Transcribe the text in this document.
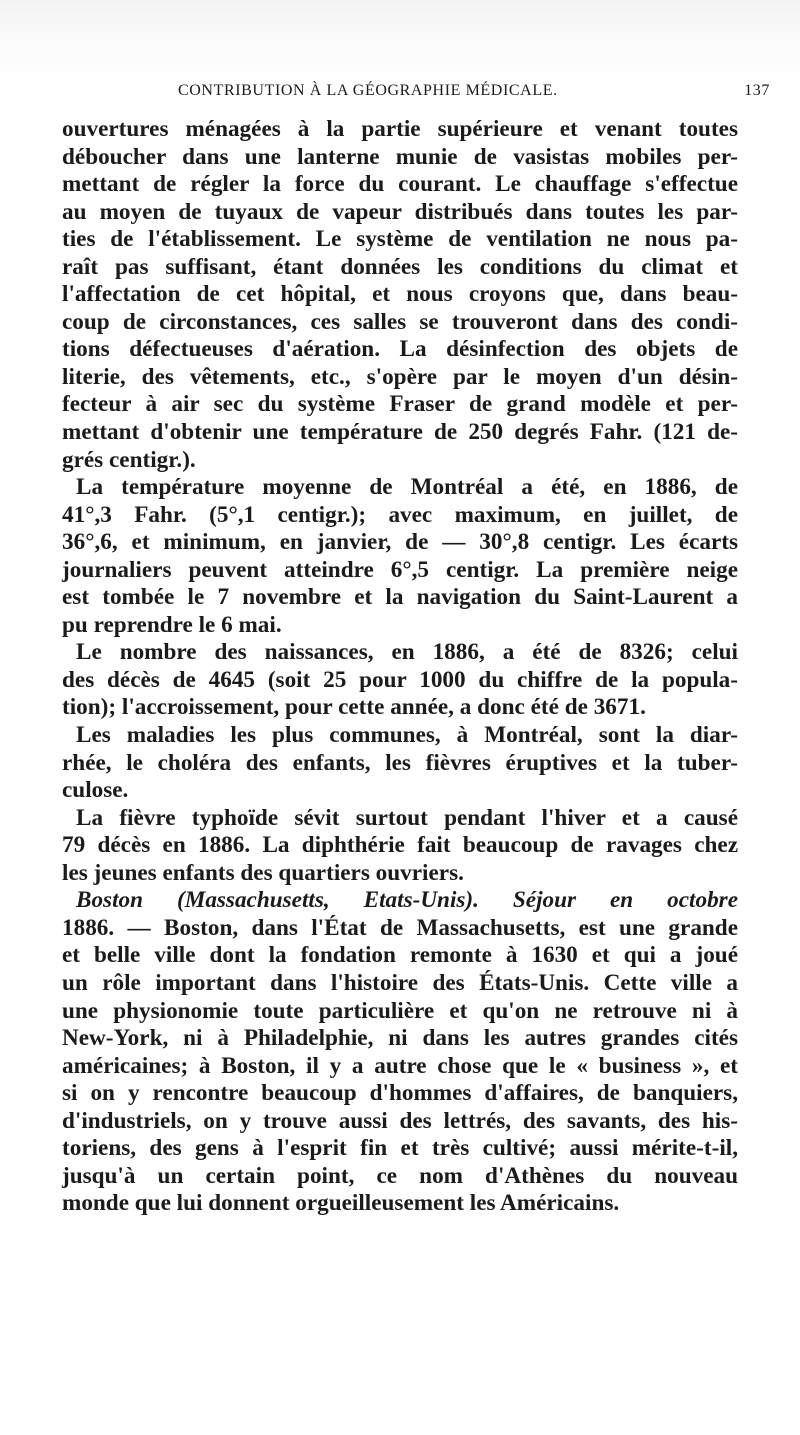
CONTRIBUTION À LA GÉOGRAPHIE MÉDICALE.	137
ouvertures ménagées à la partie supérieure et venant toutes
déboucher dans une lanterne munie de vasistas mobiles per-
mettant de régler la force du courant. Le chauffage s'effectue
au moyen de tuyaux de vapeur distribués dans toutes les par-
ties de l'établissement. Le système de ventilation ne nous pa-
raît pas suffisant, étant données les conditions du climat et
l'affectation de cet hôpital, et nous croyons que, dans beau-
coup de circonstances, ces salles se trouveront dans des condi-
tions défectueuses d'aération. La désinfection des objets de
literie, des vêtements, etc., s'opère par le moyen d'un désin-
fecteur à air sec du système Fraser de grand modèle et per-
mettant d'obtenir une température de 250 degrés Fahr. (121 de-
grés centigr.).
La température moyenne de Montréal a été, en 1886, de
41°,3 Fahr. (5°,1 centigr.); avec maximum, en juillet, de
36°,6, et minimum, en janvier, de — 30°,8 centigr. Les écarts
journaliers peuvent atteindre 6°,5 centigr. La première neige
est tombée le 7 novembre et la navigation du Saint-Laurent a
pu reprendre le 6 mai.
Le nombre des naissances, en 1886, a été de 8326; celui
des décès de 4645 (soit 25 pour 1000 du chiffre de la popula-
tion); l'accroissement, pour cette année, a donc été de 3671.
Les maladies les plus communes, à Montréal, sont la diar-
rhée, le choléra des enfants, les fièvres éruptives et la tuber-
culose.
La fièvre typhoïde sévit surtout pendant l'hiver et a causé
79 décès en 1886. La diphthérie fait beaucoup de ravages chez
les jeunes enfants des quartiers ouvriers.
Boston (Massachusetts, Etats-Unis). Séjour en octobre
1886. — Boston, dans l'État de Massachusetts, est une grande
et belle ville dont la fondation remonte à 1630 et qui a joué
un rôle important dans l'histoire des États-Unis. Cette ville a
une physionomie toute particulière et qu'on ne retrouve ni à
New-York, ni à Philadelphie, ni dans les autres grandes cités
américaines; à Boston, il y a autre chose que le « business », et
si on y rencontre beaucoup d'hommes d'affaires, de banquiers,
d'industriels, on y trouve aussi des lettrés, des savants, des his-
toriens, des gens à l'esprit fin et très cultivé; aussi mérite-t-il,
jusqu'à un certain point, ce nom d'Athènes du nouveau
monde que lui donnent orgueilleusement les Américains.
